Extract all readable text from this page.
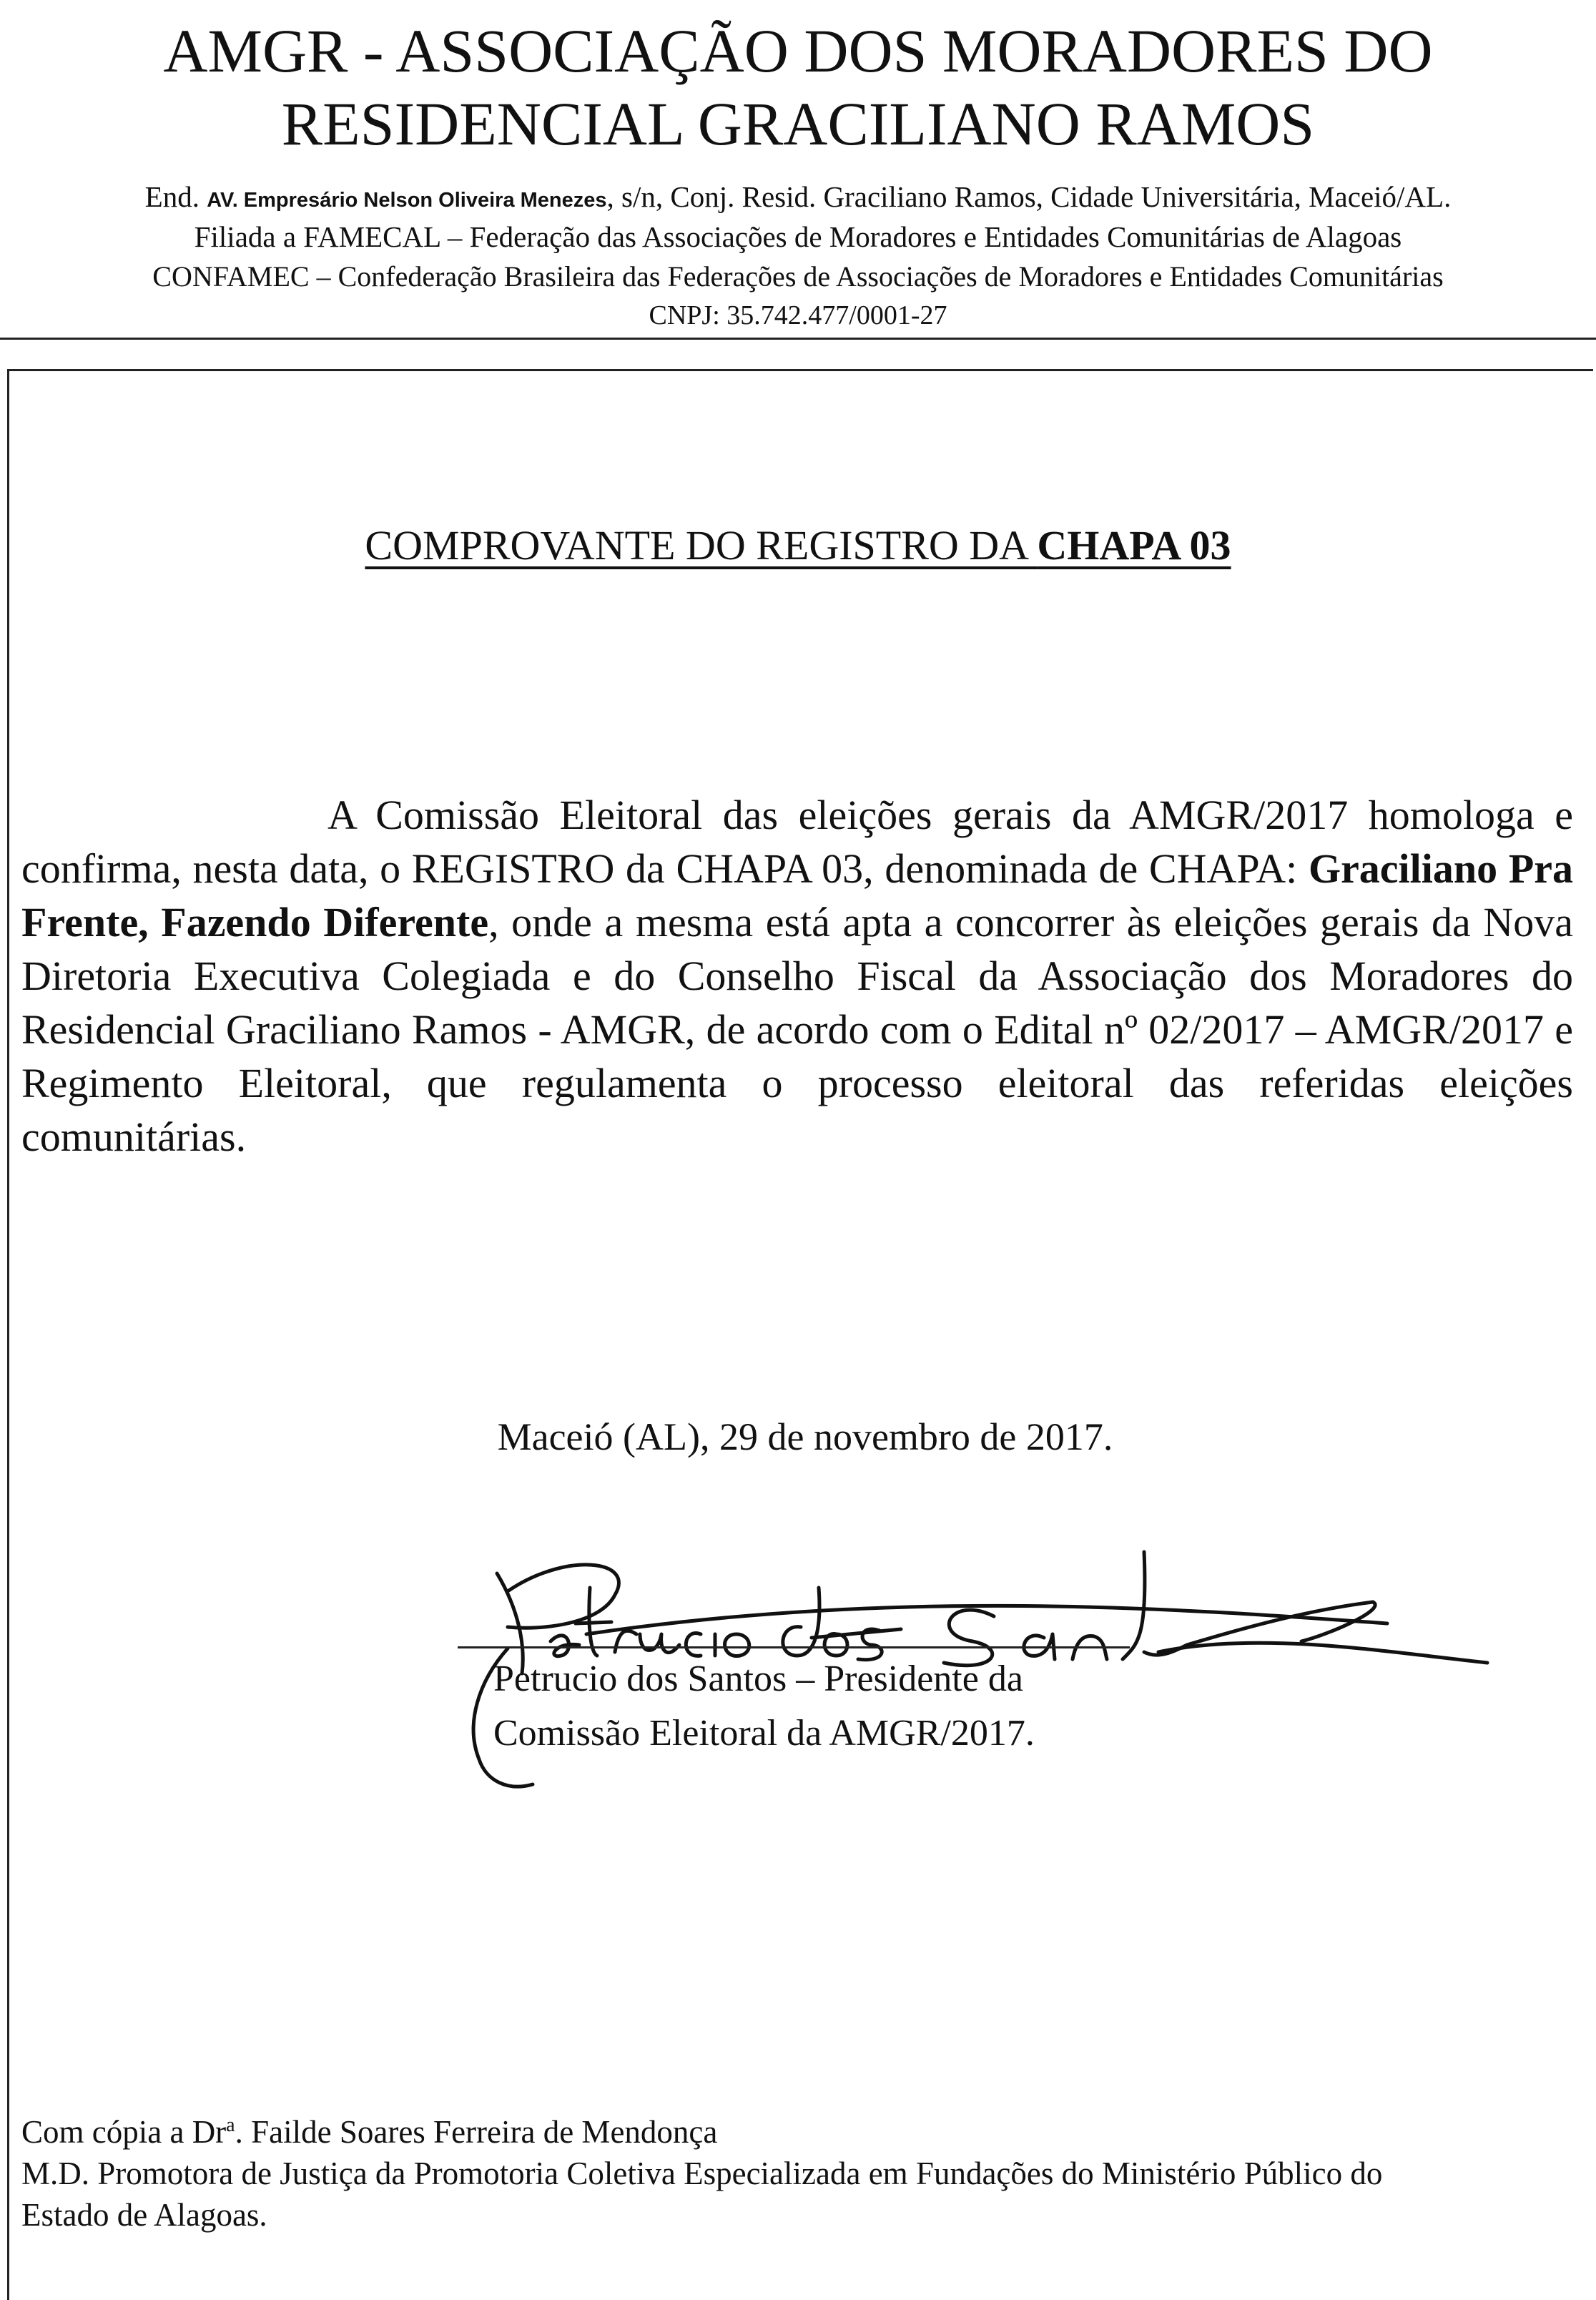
AMGR - ASSOCIAÇÃO DOS MORADORES DO
RESIDENCIAL GRACILIANO RAMOS
End. AV. Empresário Nelson Oliveira Menezes, s/n, Conj. Resid. Graciliano Ramos, Cidade Universitária, Maceió/AL.
Filiada a FAMECAL – Federação das Associações de Moradores e Entidades Comunitárias de Alagoas
CONFAMEC – Confederação Brasileira das Federações de Associações de Moradores e Entidades Comunitárias
CNPJ: 35.742.477/0001-27
COMPROVANTE DO REGISTRO DA CHAPA 03

A Comissão Eleitoral das eleições gerais da AMGR/2017 homologa e confirma, nesta data, o REGISTRO da CHAPA 03, denominada de CHAPA: Graciliano Pra Frente, Fazendo Diferente, onde a mesma está apta a concorrer às eleições gerais da Nova Diretoria Executiva Colegiada e do Conselho Fiscal da Associação dos Moradores do Residencial Graciliano Ramos - AMGR, de acordo com o Edital nº 02/2017 – AMGR/2017 e Regimento Eleitoral, que regulamenta o processo eleitoral das referidas eleições comunitárias.

Maceió (AL), 29 de novembro de 2017.
Petrucio dos Santos – Presidente da
Comissão Eleitoral da AMGR/2017.
Com cópia a Dr$^a$. Failde Soares Ferreira de Mendonça
M.D. Promotora de Justiça da Promotoria Coletiva Especializada em Fundações do Ministério Público do
Estado de Alagoas.
